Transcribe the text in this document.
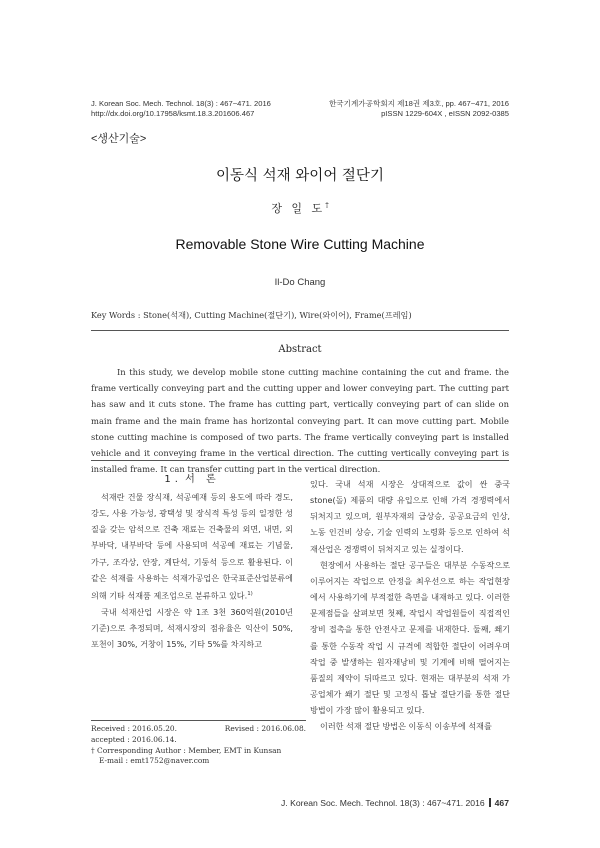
J. Korean Soc. Mech. Technol. 18(3) : 467~471. 2016
http://dx.doi.org/10.17958/ksmt.18.3.201606.467
한국기계가공학회지 제18권 제3호, pp. 467~471, 2016
pISSN 1229-604X , eISSN 2092-0385
<생산기술>
이동식 석재 와이어 절단기
장 일 도†
Removable Stone Wire Cutting Machine
Il-Do Chang
Key Words : Stone(석재), Cutting Machine(절단기), Wire(와이어), Frame(프레임)
Abstract

In this study, we develop mobile stone cutting machine containing the cut and frame. the frame vertically conveying part and the cutting upper and lower conveying part. The cutting part has saw and it cuts stone. The frame has cutting part, vertically conveying part of can slide on main frame and the main frame has horizontal conveying part. It can move cutting part. Mobile stone cutting machine is composed of two parts. The frame vertically conveying part is installed vehicle and it conveying frame in the vertical direction. The cutting vertically conveying part is installed frame. It can transfer cutting part in the vertical direction.

1. 서 론

석재란 건물 장식재, 석공예재 등의 용도에 따라 경도, 강도, 사용 가능성, 광택성 및 장식적 특성 등의 일정한 성질을 갖는 암석으로 건축 재료는 건축물의 외면, 내면, 외부바닥, 내부바닥 등에 사용되며 석공예 재료는 기념물, 가구, 조각상, 안장, 계단석, 기둥석 등으로 활용된다. 이 같은 석재를 사용하는 석재가공업은 한국표준산업분류에 의해 기타 석재품 제조업으로 분류하고 있다.$^{1)}$

국내 석재산업 시장은 약 1조 3천 360억원(2010년 기준)으로 추정되며, 석재시장의 점유율은 익산이 50%, 포천이 30%, 거창이 15%, 기타 5%를 차지하고

있다. 국내 석재 시장은 상대적으로 값이 싼 중국 stone(돌) 제품의 대량 유입으로 인해 가격 경쟁력에서 뒤처지고 있으며, 원부자재의 급상승, 공공요금의 인상, 노동 인건비 상승, 기술 인력의 노령화 등으로 인하여 석재산업은 경쟁력이 뒤처지고 있는 실정이다.

현장에서 사용하는 절단 공구들은 대부분 수동작으로 이루어지는 작업으로 안정을 최우선으로 하는 작업현장에서 사용하기에 부적절한 측면을 내재하고 있다. 이러한 문제점들을 살펴보면 첫째, 작업시 작업원들이 직접적인 장비 접촉을 통한 안전사고 문제를 내재한다. 둘째, 쐐기를 통한 수동작 작업 시 규격에 적합한 절단이 어려우며 작업 중 발생하는 원자재낭비 및 기계에 비해 떨어지는 품질의 제약이 뒤따르고 있다. 현재는 대부분의 석재 가공업체가 쐐기 절단 및 고정식 톱날 절단기를 통한 절단 방법이 가장 많이 활용되고 있다.

이러한 석재 절단 방법은 이동식 이송부에 석재를

Received : 2016.05.20.	Revised : 2016.06.08.
accepted : 2016.06.14.
† Corresponding Author : Member, EMT in Kunsan
E-mail : emt1752@naver.com
J. Korean Soc. Mech. Technol. 18(3) : 467~471. 2016 467
